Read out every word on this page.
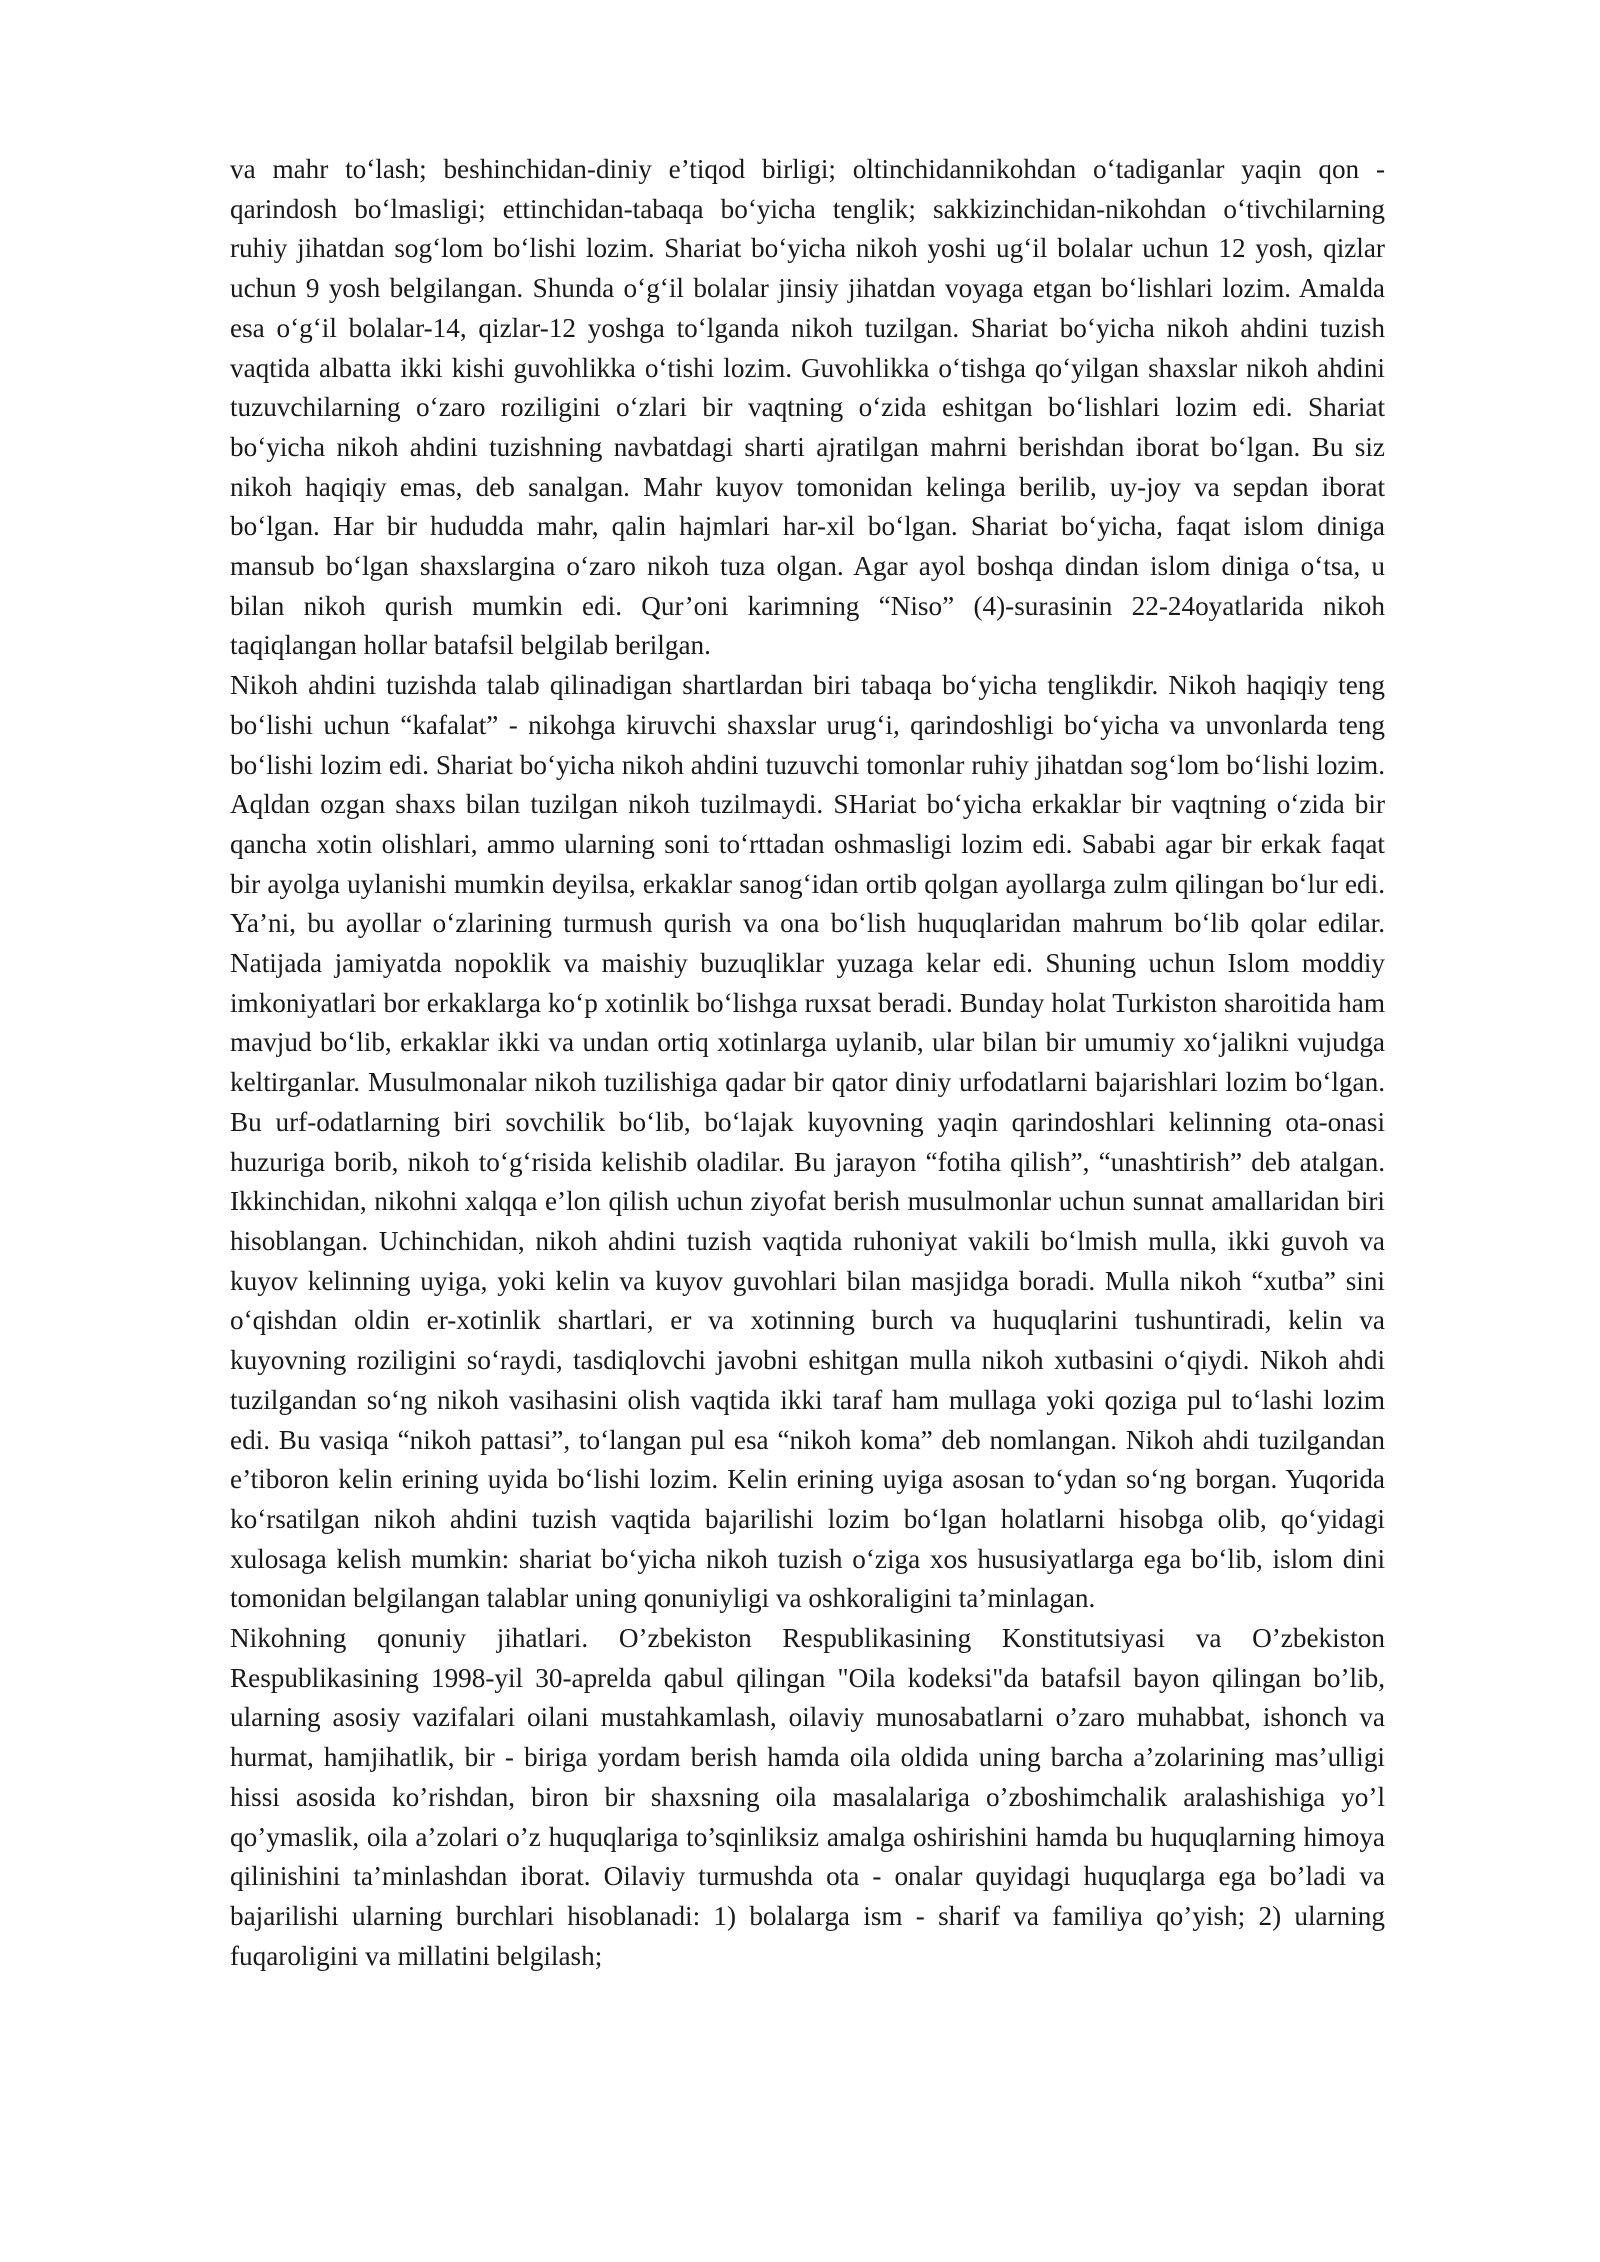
va mahr to‘lash; beshinchidan-diniy e’tiqod birligi; oltinchidannikohdan o‘tadiganlar yaqin qon - qarindosh bo‘lmasligi; ettinchidan-tabaqa bo‘yicha tenglik; sakkizinchidan-nikohdan o‘tivchilarning ruhiy jihatdan sog‘lom bo‘lishi lozim. Shariat bo‘yicha nikoh yoshi ug‘il bolalar uchun 12 yosh, qizlar uchun 9 yosh belgilangan. Shunda o‘g‘il bolalar jinsiy jihatdan voyaga etgan bo‘lishlari lozim. Amalda esa o‘g‘il bolalar-14, qizlar-12 yoshga to‘lganda nikoh tuzilgan. Shariat bo‘yicha nikoh ahdini tuzish vaqtida albatta ikki kishi guvohlikka o‘tishi lozim. Guvohlikka o‘tishga qo‘yilgan shaxslar nikoh ahdini tuzuvchilarning o‘zaro roziligini o‘zlari bir vaqtning o‘zida eshitgan bo‘lishlari lozim edi. Shariat bo‘yicha nikoh ahdini tuzishning navbatdagi sharti ajratilgan mahrni berishdan iborat bo‘lgan. Bu siz nikoh haqiqiy emas, deb sanalgan. Mahr kuyov tomonidan kelinga berilib, uy-joy va sepdan iborat bo‘lgan. Har bir hududda mahr, qalin hajmlari har-xil bo‘lgan. Shariat bo‘yicha, faqat islom diniga mansub bo‘lgan shaxslargina o‘zaro nikoh tuza olgan. Agar ayol boshqa dindan islom diniga o‘tsa, u bilan nikoh qurish mumkin edi. Qur’oni karimning “Niso” (4)-surasinin 22-24oyatlarida nikoh taqiqlangan hollar batafsil belgilab berilgan.

Nikoh ahdini tuzishda talab qilinadigan shartlardan biri tabaqa bo‘yicha tenglikdir. Nikoh haqiqiy teng bo‘lishi uchun “kafalat” - nikohga kiruvchi shaxslar urug‘i, qarindoshligi bo‘yicha va unvonlarda teng bo‘lishi lozim edi. Shariat bo‘yicha nikoh ahdini tuzuvchi tomonlar ruhiy jihatdan sog‘lom bo‘lishi lozim. Aqldan ozgan shaxs bilan tuzilgan nikoh tuzilmaydi. SHariat bo‘yicha erkaklar bir vaqtning o‘zida bir qancha xotin olishlari, ammo ularning soni to‘rttadan oshmasligi lozim edi. Sababi agar bir erkak faqat bir ayolga uylanishi mumkin deyilsa, erkaklar sanog‘idan ortib qolgan ayollarga zulm qilingan bo‘lur edi. Ya’ni, bu ayollar o‘zlarining turmush qurish va ona bo‘lish huquqlaridan mahrum bo‘lib qolar edilar. Natijada jamiyatda nopoklik va maishiy buzuqliklar yuzaga kelar edi. Shuning uchun Islom moddiy imkoniyatlari bor erkaklarga ko‘p xotinlik bo‘lishga ruxsat beradi. Bunday holat Turkiston sharoitida ham mavjud bo‘lib, erkaklar ikki va undan ortiq xotinlarga uylanib, ular bilan bir umumiy xo‘jalikni vujudga keltirganlar. Musulmonalar nikoh tuzilishiga qadar bir qator diniy urfodatlarni bajarishlari lozim bo‘lgan. Bu urf-odatlarning biri sovchilik bo‘lib, bo‘lajak kuyovning yaqin qarindoshlari kelinning ota-onasi huzuriga borib, nikoh to‘g‘risida kelishib oladilar. Bu jarayon “fotiha qilish”, “unashtirish” deb atalgan. Ikkinchidan, nikohni xalqqa e’lon qilish uchun ziyofat berish musulmonlar uchun sunnat amallaridan biri hisoblangan. Uchinchidan, nikoh ahdini tuzish vaqtida ruhoniyat vakili bo‘lmish mulla, ikki guvoh va kuyov kelinning uyiga, yoki kelin va kuyov guvohlari bilan masjidga boradi. Mulla nikoh “xutba” sini o‘qishdan oldin er-xotinlik shartlari, er va xotinning burch va huquqlarini tushuntiradi, kelin va kuyovning roziligini so‘raydi, tasdiqlovchi javobni eshitgan mulla nikoh xutbasini o‘qiydi. Nikoh ahdi tuzilgandan so‘ng nikoh vasihasini olish vaqtida ikki taraf ham mullaga yoki qoziga pul to‘lashi lozim edi. Bu vasiqa “nikoh pattasi”, to‘langan pul esa “nikoh koma” deb nomlangan. Nikoh ahdi tuzilgandan e’tiboron kelin erining uyida bo‘lishi lozim. Kelin erining uyiga asosan to‘ydan so‘ng borgan. Yuqorida ko‘rsatilgan nikoh ahdini tuzish vaqtida bajarilishi lozim bo‘lgan holatlarni hisobga olib, qo‘yidagi xulosaga kelish mumkin: shariat bo‘yicha nikoh tuzish o‘ziga xos hususiyatlarga ega bo‘lib, islom dini tomonidan belgilangan talablar uning qonuniyligi va oshkoraligini ta’minlagan.

Nikohning qonuniy jihatlari. O’zbekiston Respublikasining Konstitutsiyasi va O’zbekiston Respublikasining 1998-yil 30-aprelda qabul qilingan "Oila kodeksi"da batafsil bayon qilingan bo’lib, ularning asosiy vazifalari oilani mustahkamlash, oilaviy munosabatlarni o’zaro muhabbat, ishonch va hurmat, hamjihatlik, bir - biriga yordam berish hamda oila oldida uning barcha a’zolarining mas’ulligi hissi asosida ko’rishdan, biron bir shaxsning oila masalalariga o’zboshimchalik aralashishiga yo’l qo’ymaslik, oila a’zolari o’z huquqlariga to’sqinliksiz amalga oshirishini hamda bu huquqlarning himoya qilinishini ta’minlashdan iborat. Oilaviy turmushda ota - onalar quyidagi huquqlarga ega bo’ladi va bajarilishi ularning burchlari hisoblanadi: 1) bolalarga ism - sharif va familiya qo’yish; 2) ularning fuqaroligini va millatini belgilash;
